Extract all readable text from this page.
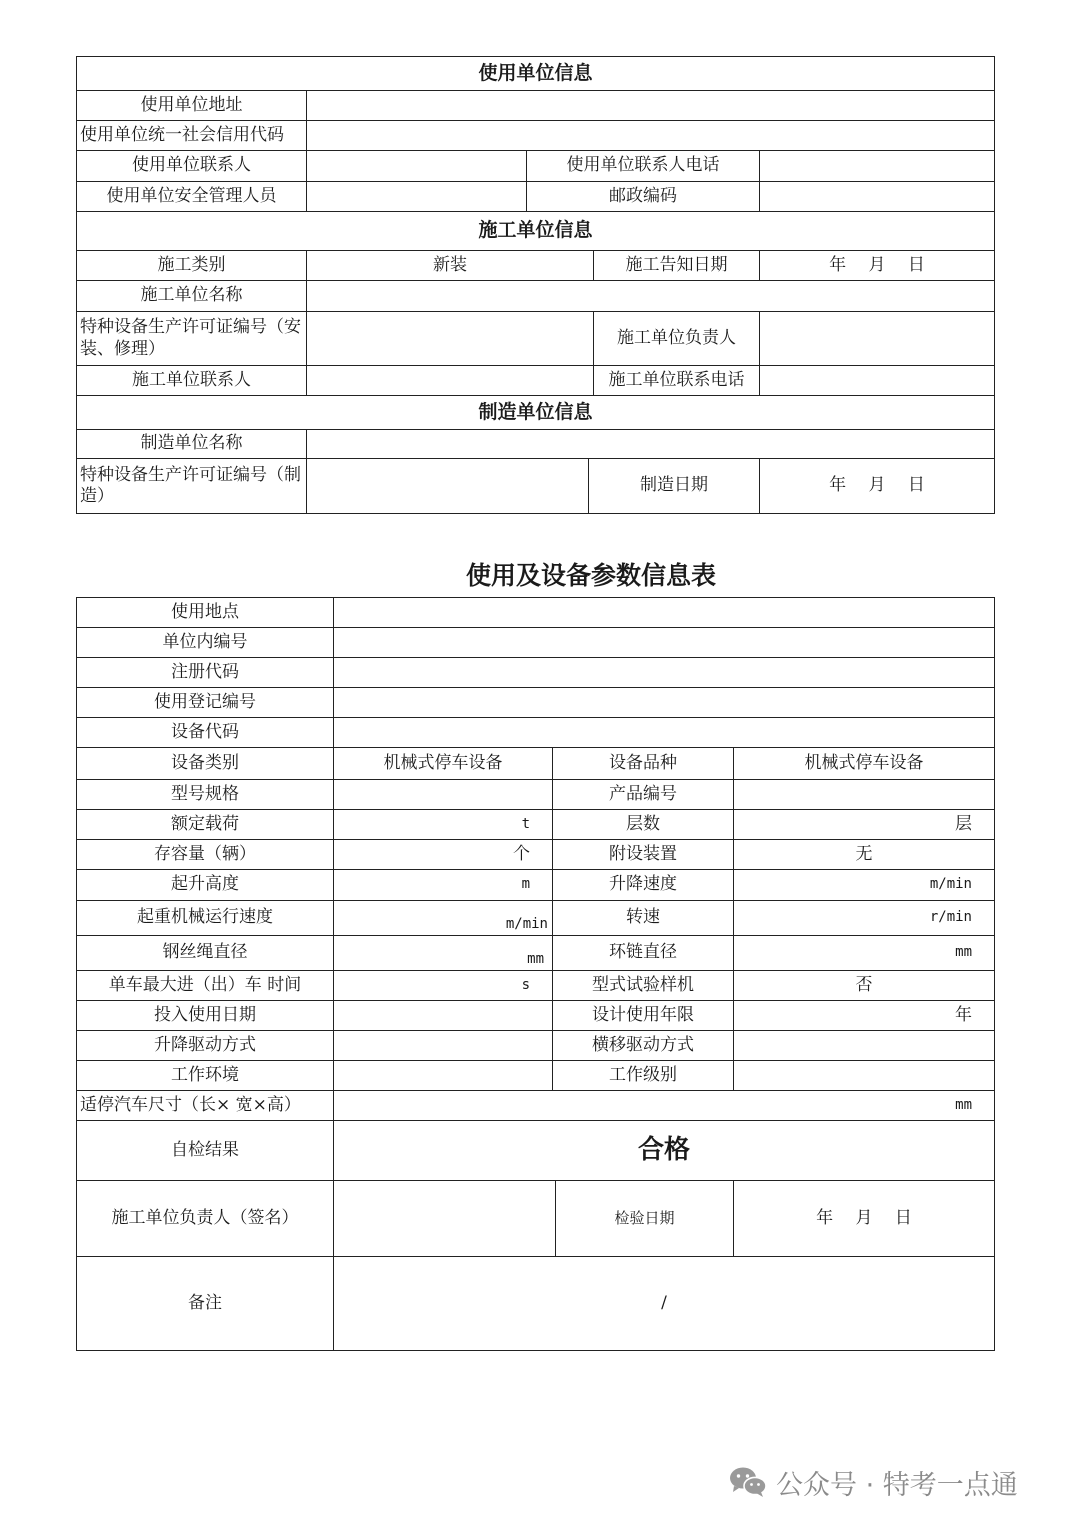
使用单位信息					
使用单位地址					
使用单位统一社会信用代码					
使用单位联系人		使用单位联系人电话			
使用单位安全管理人员		邮政编码			
施工单位信息					
施工类别	新装			施工告知日期	年　 月　 日
施工单位名称					
特种设备生产许可证编号（安装、修理）				施工单位负责人	
施工单位联系人				施工单位联系电话	
制造单位信息					
制造单位名称					
特种设备生产许可证编号（制造）			制造日期		年　 月　 日
使用及设备参数信息表
使用地点				
单位内编号				
注册代码				
使用登记编号				
设备代码				
设备类别	机械式停车设备	设备品种		机械式停车设备
型号规格		产品编号		
额定载荷	t	层数		层
存容量（辆）	个	附设装置		无
起升高度	m	升降速度		m/min
起重机械运行速度	m/min	转速		r/min
钢丝绳直径	mm	环链直径		mm
单车最大进（出）车 时间	s	型式试验样机		否
投入使用日期		设计使用年限		年
升降驱动方式		横移驱动方式		
工作环境		工作级别		
适停汽车尺寸（长× 宽×高）	mm			
自检结果	合格			
施工单位负责人（签名）			检验日期	年　 月　 日
备注	/			
公众号 · 特考一点通
